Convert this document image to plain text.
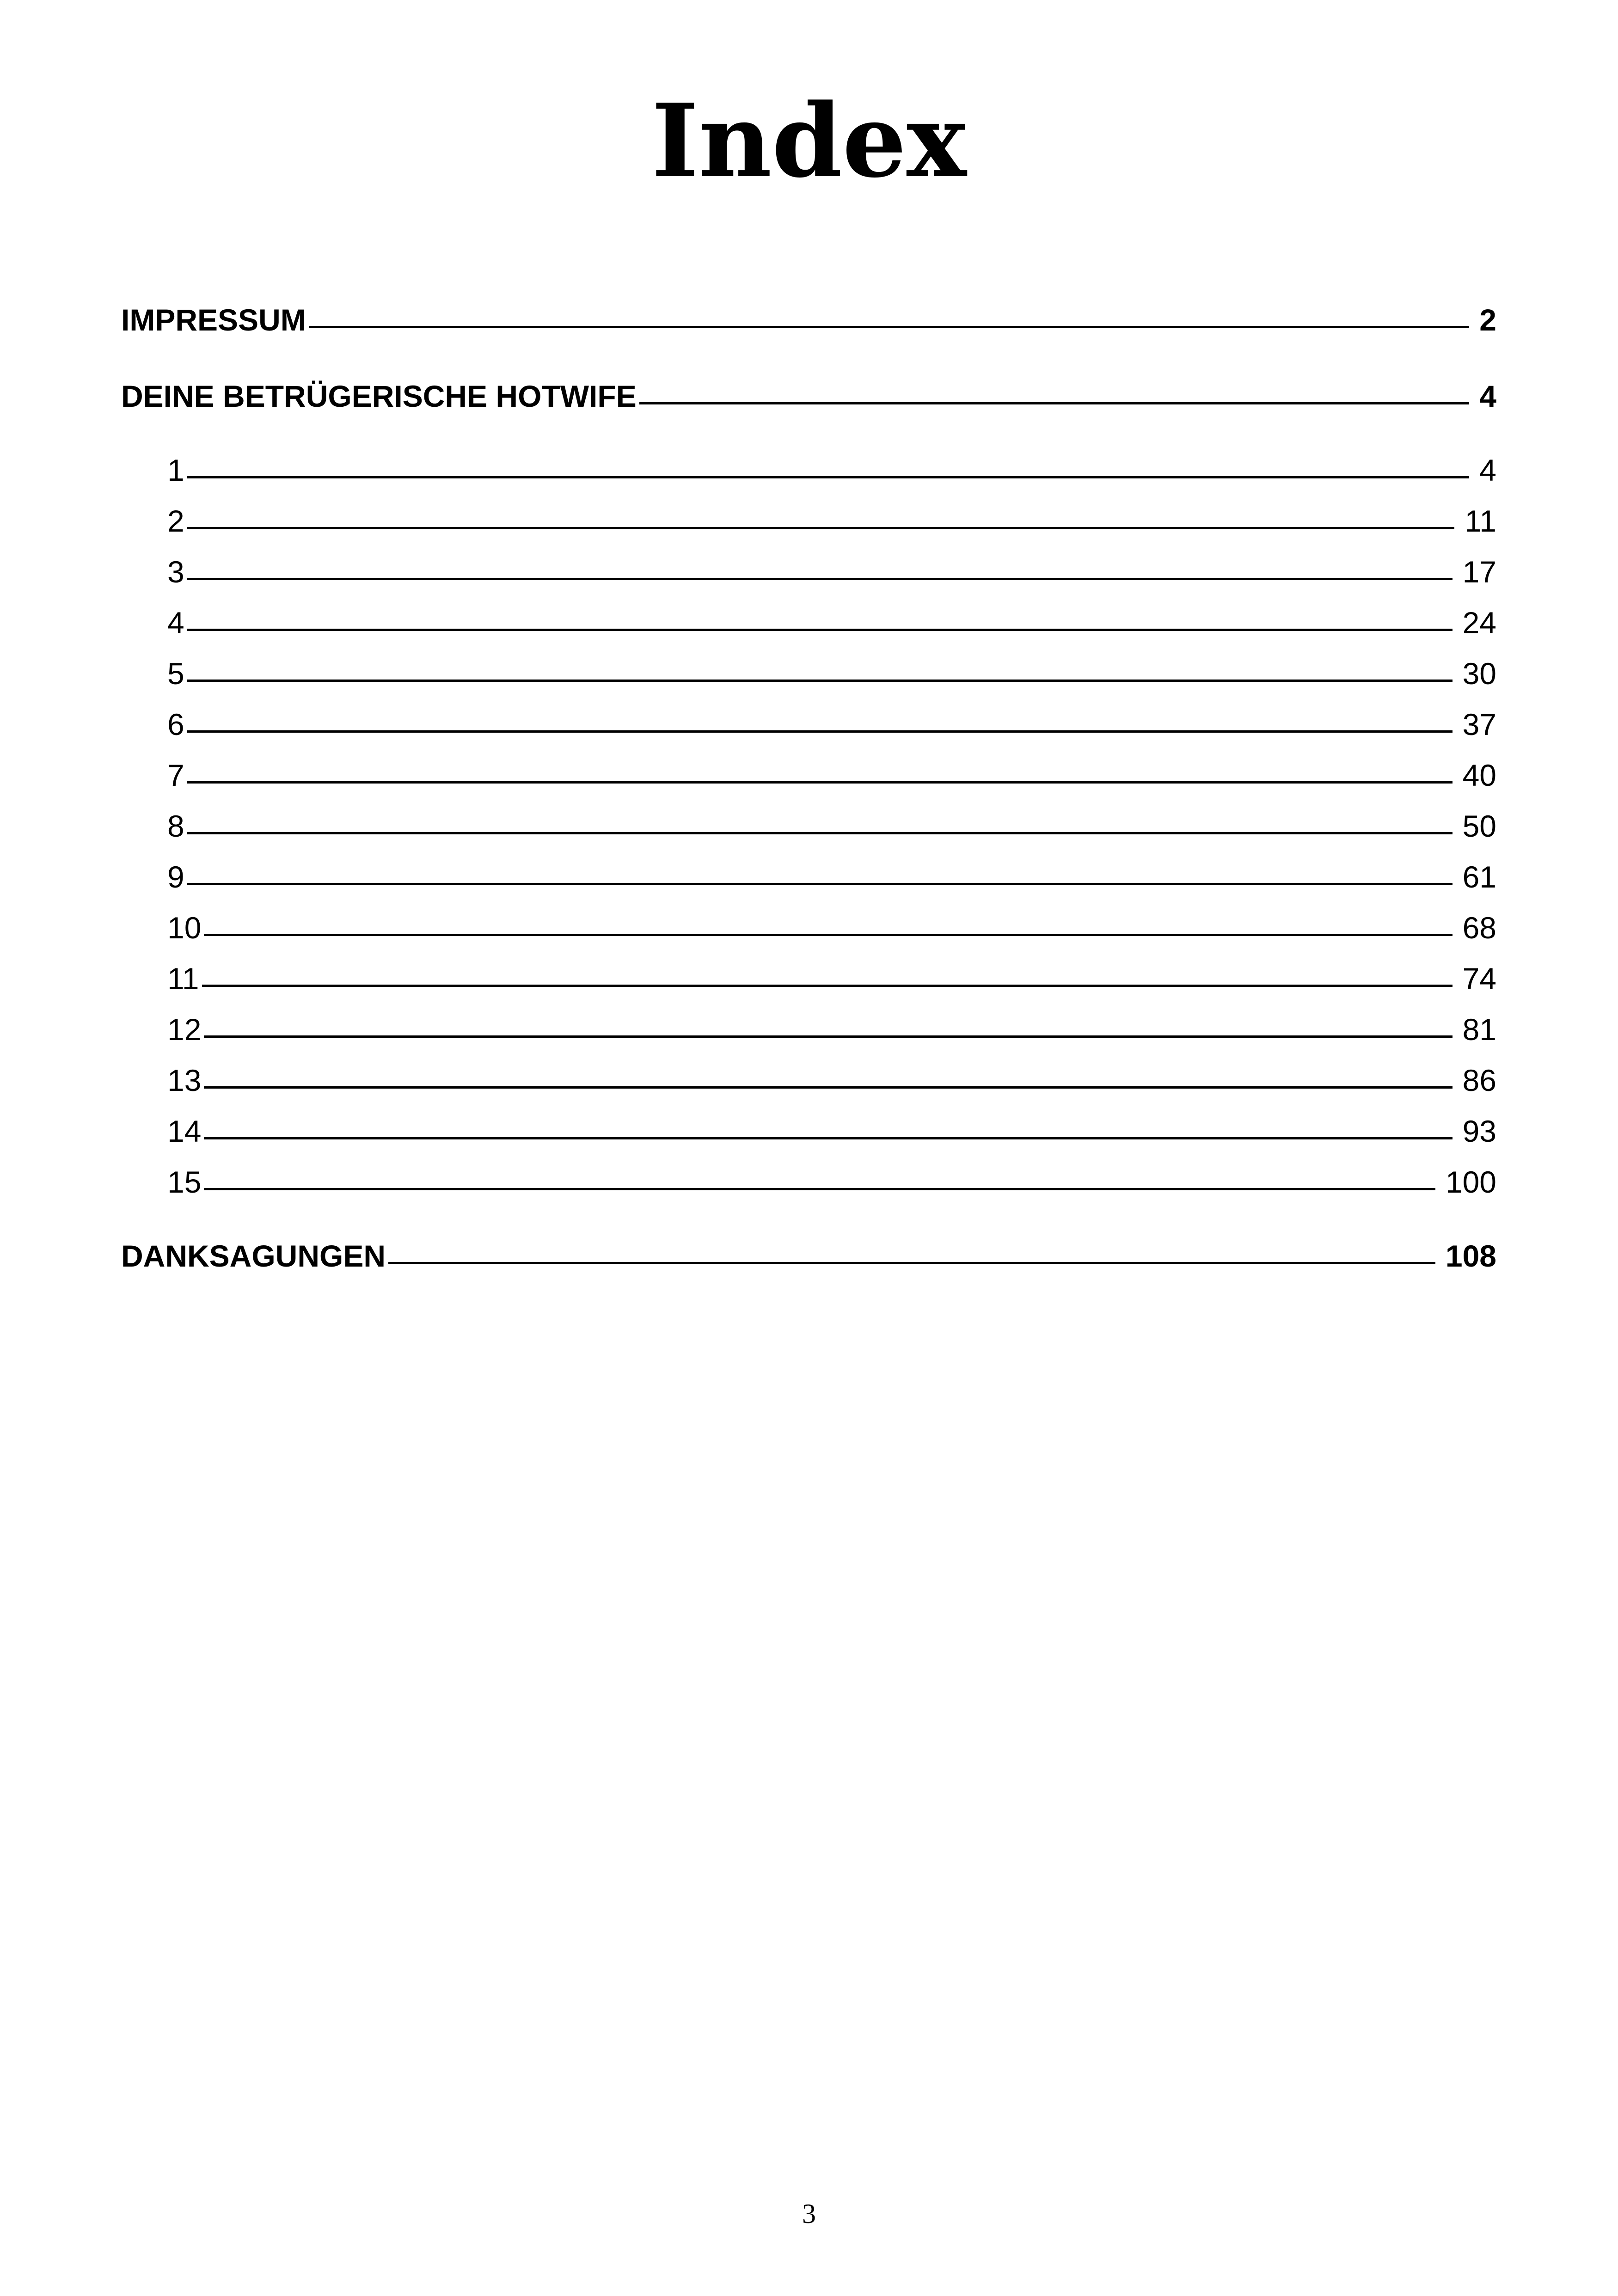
Index
IMPRESSUM	2
DEINE BETRÜGERISCHE HOTWIFE	4
1	4
2	11
3	17
4	24
5	30
6	37
7	40
8	50
9	61
10	68
11	74
12	81
13	86
14	93
15	100
DANKSAGUNGEN	108
3
